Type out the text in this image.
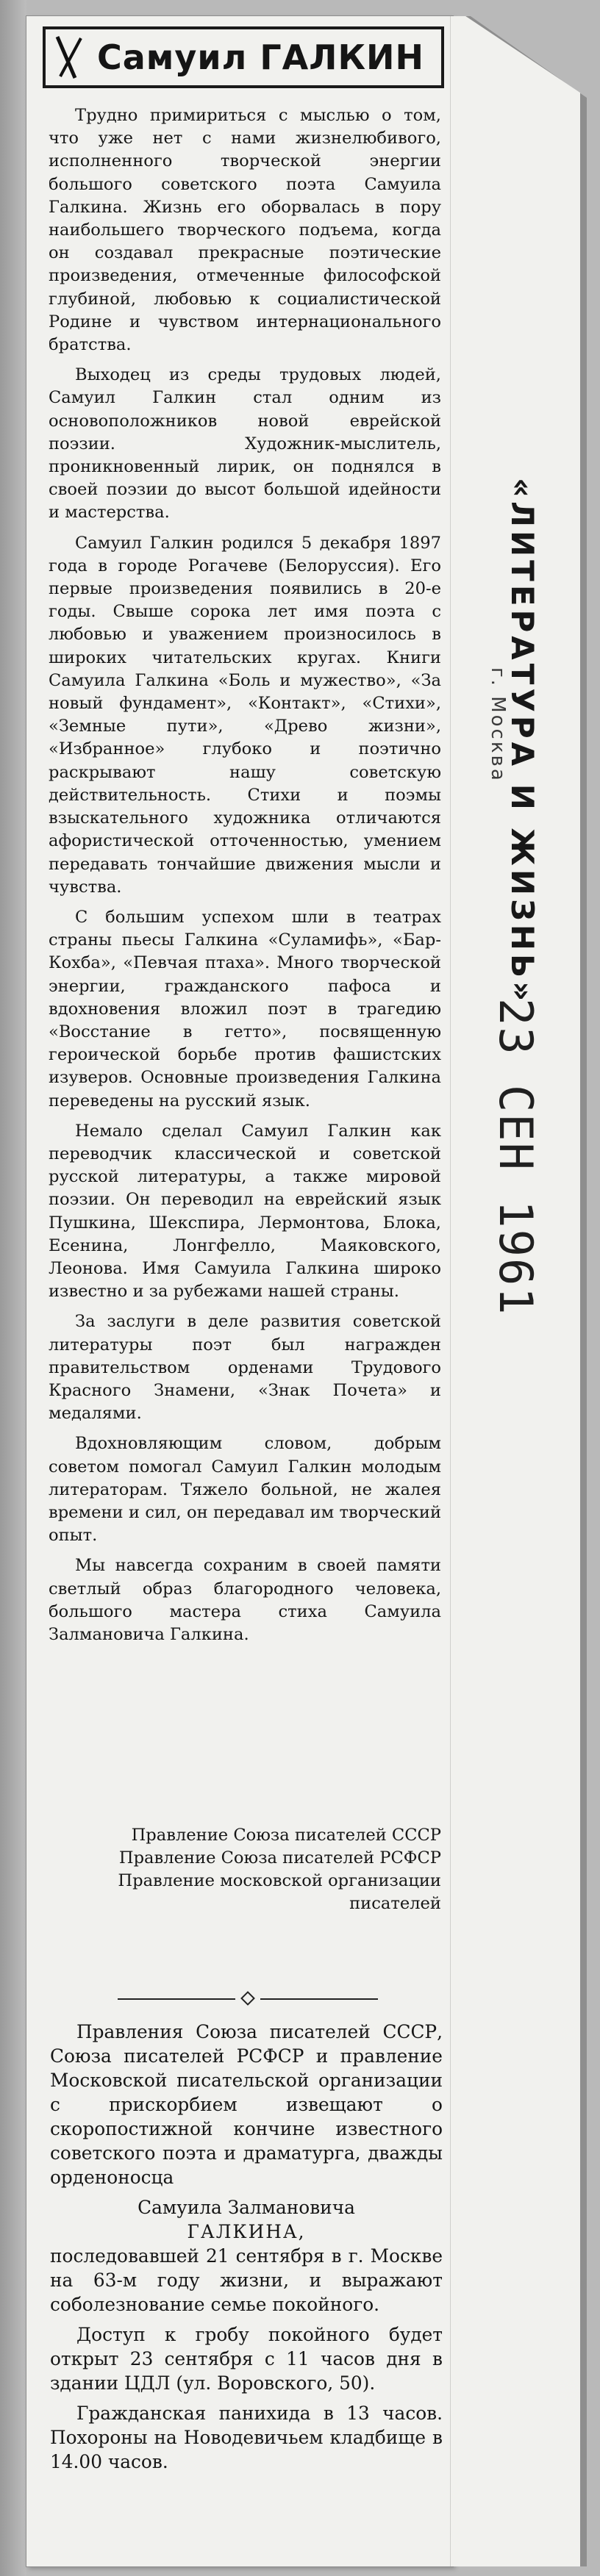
Самуил ГАЛКИН

Трудно примириться с мыслью о том, что уже нет с нами жизнелюбивого, исполненного творческой энергии большого советского поэта Самуила Галкина. Жизнь его оборвалась в пору наибольшего творческого подъема, когда он создавал прекрасные поэтические произведения, отмеченные философской глубиной, любовью к социалистической Родине и чувством интернационального братства.

Выходец из среды трудовых людей, Самуил Галкин стал одним из основоположников новой еврейской поэзии. Художник-мыслитель, проникновенный лирик, он поднялся в своей поэзии до высот большой идейности и мастерства.

Самуил Галкин родился 5 декабря 1897 года в городе Рогачеве (Белоруссия). Его первые произведения появились в 20-е годы. Свыше сорока лет имя поэта с любовью и уважением произносилось в широких читательских кругах. Книги Самуила Галкина «Боль и мужество», «За новый фундамент», «Контакт», «Стихи», «Земные пути», «Древо жизни», «Избранное» глубоко и поэтично раскрывают нашу советскую действительность. Стихи и поэмы взыскательного художника отличаются афористической отточенностью, умением передавать тончайшие движения мысли и чувства.

С большим успехом шли в театрах страны пьесы Галкина «Суламифь», «Бар-Кохба», «Певчая птаха». Много творческой энергии, гражданского пафоса и вдохновения вложил поэт в трагедию «Восстание в гетто», посвященную героической борьбе против фашистских изуверов. Основные произведения Галкина переведены на русский язык.

Немало сделал Самуил Галкин как переводчик классической и советской русской литературы, а также мировой поэзии. Он переводил на еврейский язык Пушкина, Шекспира, Лермонтова, Блока, Есенина, Лонгфелло, Маяковского, Леонова. Имя Самуила Галкина широко известно и за рубежами нашей страны.

За заслуги в деле развития советской литературы поэт был награжден правительством орденами Трудового Красного Знамени, «Знак Почета» и медалями.

Вдохновляющим словом, добрым советом помогал Самуил Галкин молодым литераторам. Тяжело больной, не жалея времени и сил, он передавал им творческий опыт.

Мы навсегда сохраним в своей памяти светлый образ благородного человека, большого мастера стиха Самуила Залмановича Галкина.

Правление Союза писателей СССР
Правление Союза писателей РСФСР
Правление московской организации писателей

Правления Союза писателей СССР, Союза писателей РСФСР и правление Московской писательской организации с прискорбием извещают о скоропостижной кончине известного советского поэта и драматурга, дважды орденоносца

Самуила Залмановича

ГАЛКИНА,

последовавшей 21 сентября в г. Москве на 63-м году жизни, и выражают соболезнование семье покойного.

Доступ к гробу покойного будет открыт 23 сентября с 11 часов дня в здании ЦДЛ (ул. Воровского, 50).

Гражданская панихида в 13 часов. Похороны на Новодевичьем кладбище в 14.00 часов.

«ЛИТЕРАТУРА И ЖИЗНЬ»
г. Москва
23 СЕН 1961
